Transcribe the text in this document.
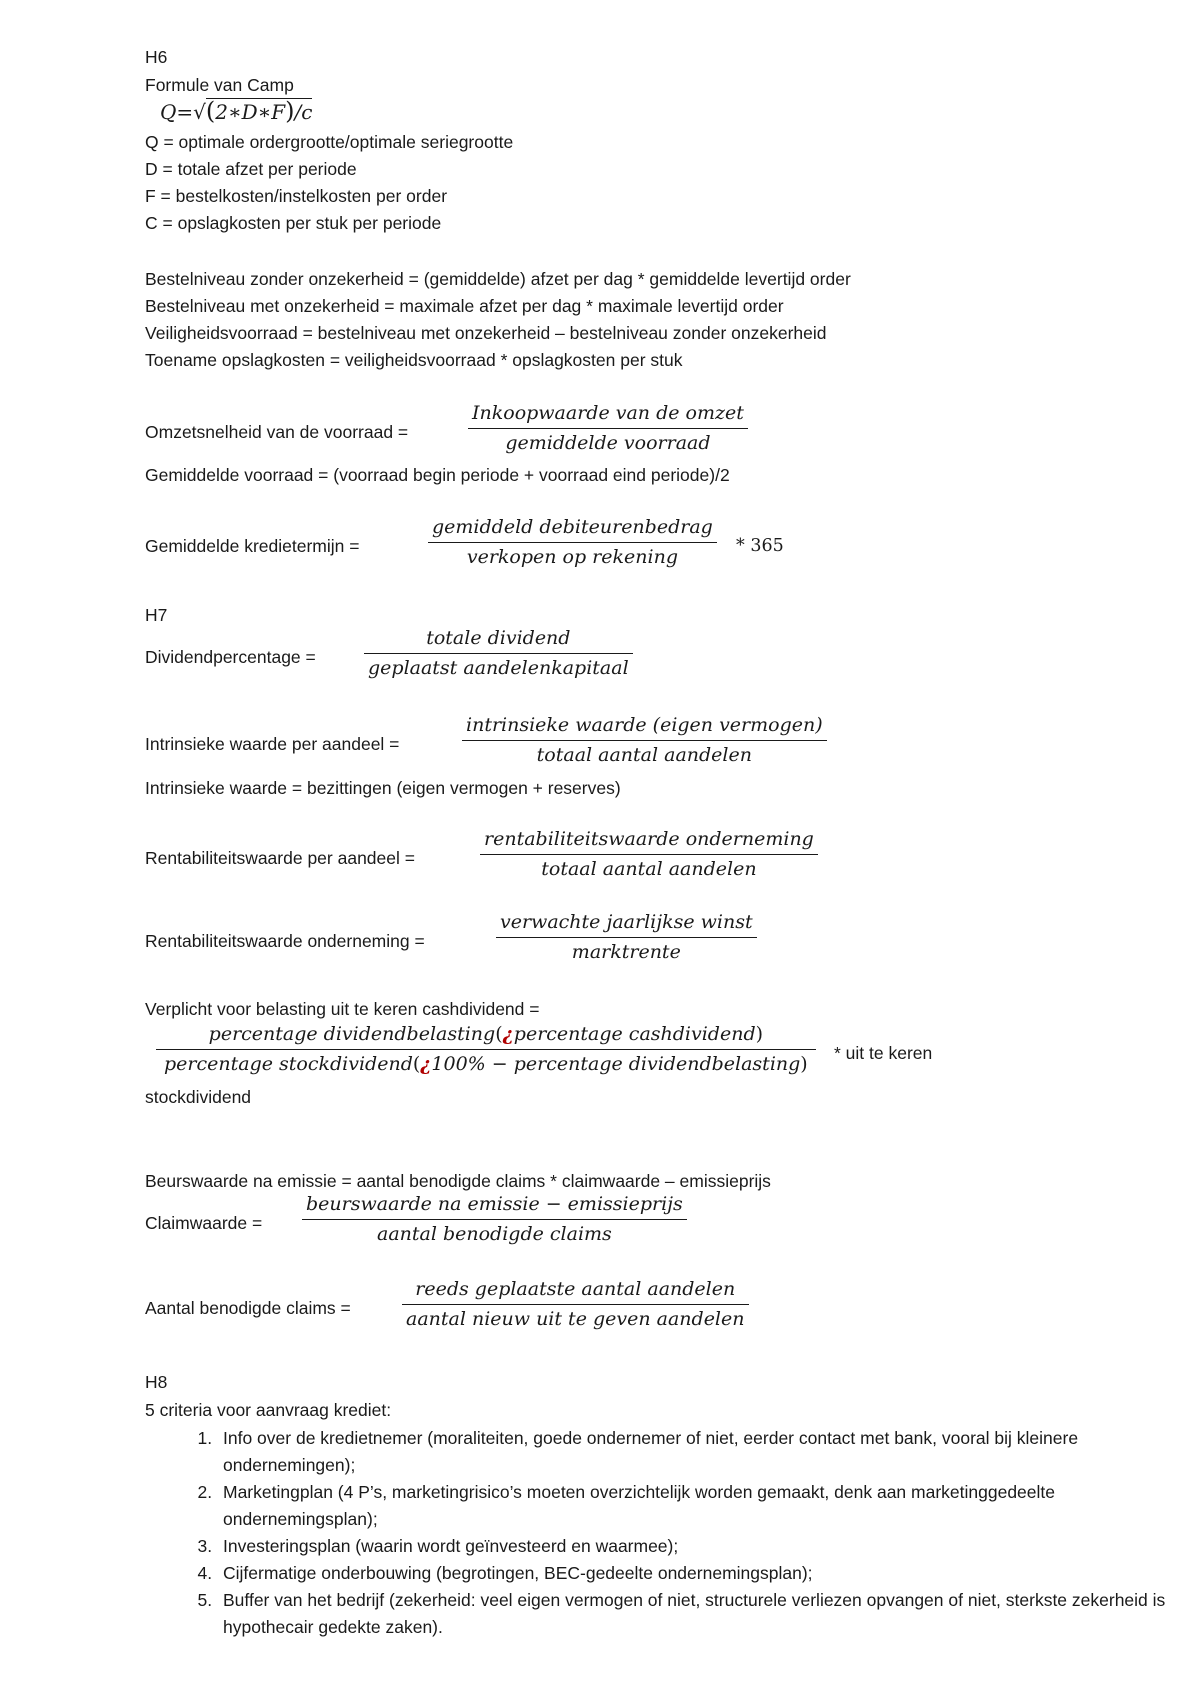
H6
Formule van Camp
Q=√(2∗D∗F)/c
Q = optimale ordergrootte/optimale seriegrootte
D = totale afzet per periode
F = bestelkosten/instelkosten per order
C = opslagkosten per stuk per periode
Bestelniveau zonder onzekerheid = (gemiddelde) afzet per dag * gemiddelde levertijd order
Bestelniveau met onzekerheid = maximale afzet per dag * maximale levertijd order
Veiligheidsvoorraad = bestelniveau met onzekerheid – bestelniveau zonder onzekerheid
Toename opslagkosten = veiligheidsvoorraad * opslagkosten per stuk
Omzetsnelheid van de voorraad =
Inkoopwaarde van de omzet
gemiddelde voorraad
Gemiddelde voorraad = (voorraad begin periode + voorraad eind periode)/2
Gemiddelde kredietermijn =
gemiddeld debiteurenbedrag
verkopen op rekening	* 365
H7
Dividendpercentage =
totale dividend
geplaatst aandelenkapitaal
Intrinsieke waarde per aandeel =
intrinsieke waarde (eigen vermogen)
totaal aantal aandelen
Intrinsieke waarde = bezittingen (eigen vermogen + reserves)
Rentabiliteitswaarde per aandeel =
rentabiliteitswaarde onderneming
totaal aantal aandelen
Rentabiliteitswaarde onderneming =
verwachte jaarlijkse winst
marktrente
Verplicht voor belasting uit te keren cashdividend =
percentage dividendbelasting(¿percentage cashdividend)
percentage stockdividend(¿100% − percentage dividendbelasting) * uit te keren
stockdividend
Beurswaarde na emissie = aantal benodigde claims * claimwaarde – emissieprijs
Claimwaarde =
beurswaarde na emissie − emissieprijs
aantal benodigde claims
Aantal benodigde claims =
reeds geplaatste aantal aandelen
aantal nieuw uit te geven aandelen
H8
5 criteria voor aanvraag krediet:
1. Info over de kredietnemer (moraliteiten, goede ondernemer of niet, eerder contact met bank, vooral bij kleinere ondernemingen);
2. Marketingplan (4 P’s, marketingrisico’s moeten overzichtelijk worden gemaakt, denk aan marketinggedeelte ondernemingsplan);
3. Investeringsplan (waarin wordt geïnvesteerd en waarmee);
4. Cijfermatige onderbouwing (begrotingen, BEC-gedeelte ondernemingsplan);
5. Buffer van het bedrijf (zekerheid: veel eigen vermogen of niet, structurele verliezen opvangen of niet, sterkste zekerheid is hypothecair gedekte zaken).
